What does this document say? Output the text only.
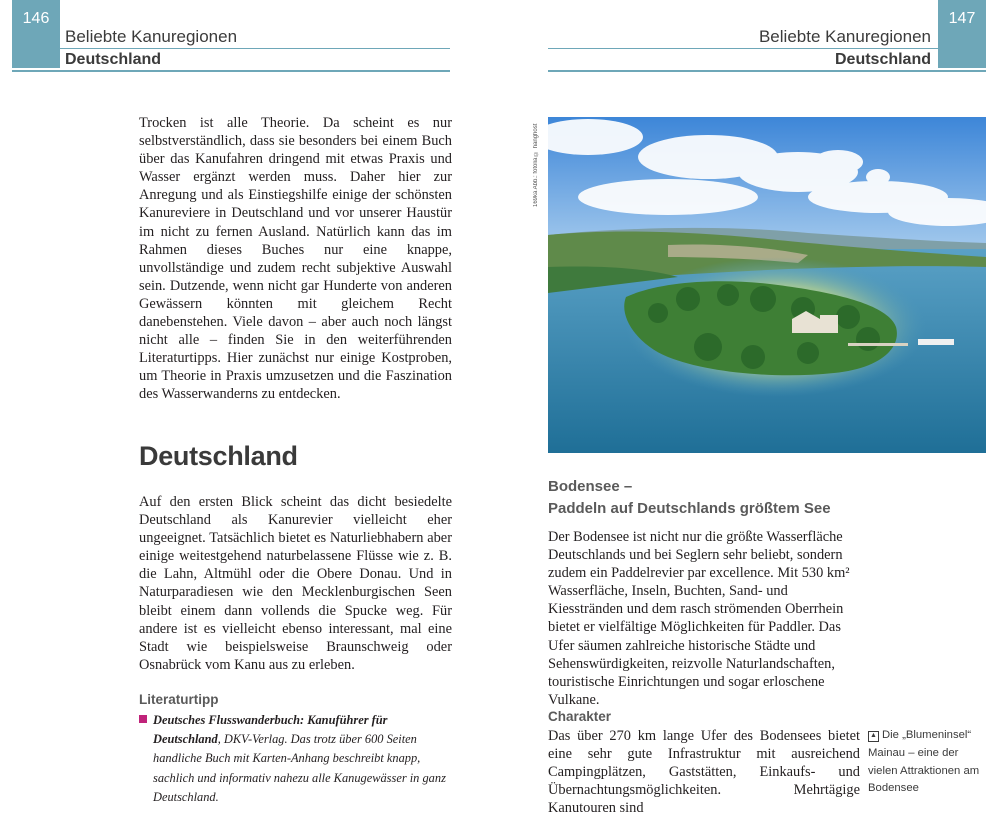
146
Beliebte Kanuregionen
Deutschland
Beliebte Kanuregionen
147
Deutschland

Trocken ist alle Theorie. Da scheint es nur selbstverständlich, dass sie besonders bei einem Buch über das Kanufahren dringend mit etwas Praxis und Wasser ergänzt werden muss. Daher hier zur Anregung und als Einstiegshilfe einige der schönsten Kanureviere in Deutschland und vor unserer Haustür im nicht zu fernen Ausland. Natürlich kann das im Rahmen dieses Buches nur eine knappe, unvollständige und zudem recht subjektive Auswahl sein. Dutzende, wenn nicht gar Hunderte von anderen Gewässern könnten mit gleichem Recht danebenstehen. Viele davon – aber auch noch längst nicht alle – finden Sie in den weiterführenden Literaturtipps. Hier zunächst nur einige Kostproben, um Theorie in Praxis umzusetzen und die Faszination des Wasserwanderns zu entdecken.

Deutschland

Auf den ersten Blick scheint das dicht besiedelte Deutschland als Kanurevier vielleicht eher ungeeignet. Tatsächlich bietet es Naturliebhabern aber einige weitestgehend naturbelassene Flüsse wie z. B. die Lahn, Altmühl oder die Obere Donau. Und in Naturparadiesen wie den Mecklenburgischen Seen bleibt einem dann vollends die Spucke weg. Für andere ist es vielleicht ebenso interessant, mal eine Stadt wie beispielsweise Braunschweig oder Osnabrück vom Kanu aus zu erleben.

Literaturtipp

Deutsches Flusswanderbuch: Kanuführer für Deutschland, DKV-Verlag. Das trotz über 600 Seiten handliche Buch mit Karten-Anhang beschreibt knapp, sachlich und informativ nahezu alle Kanugewässer in ganz Deutschland.

169ka Abb.: fotolia © hanghost
Bodensee –
Paddeln auf Deutschlands größtem See

Der Bodensee ist nicht nur die größte Wasserfläche Deutschlands und bei Seglern sehr beliebt, sondern zudem ein Paddelrevier par excellence. Mit 530 km² Wasserfläche, Inseln, Buchten, Sand- und Kiesstränden und dem rasch strömenden Oberrhein bietet er vielfältige Möglichkeiten für Paddler. Das Ufer säumen zahlreiche historische Städte und Sehenswürdigkeiten, reizvolle Naturlandschaften, touristische Einrichtungen und sogar erloschene Vulkane.

Charakter

Das über 270 km lange Ufer des Bodensees bietet eine sehr gute Infrastruktur mit ausreichend Campingplätzen, Gaststätten, Einkaufs- und Übernachtungsmöglichkeiten. Mehrtägige Kanutouren sind

▲ Die „Blumeninsel“ Mainau – eine der vielen Attraktionen am Bodensee
